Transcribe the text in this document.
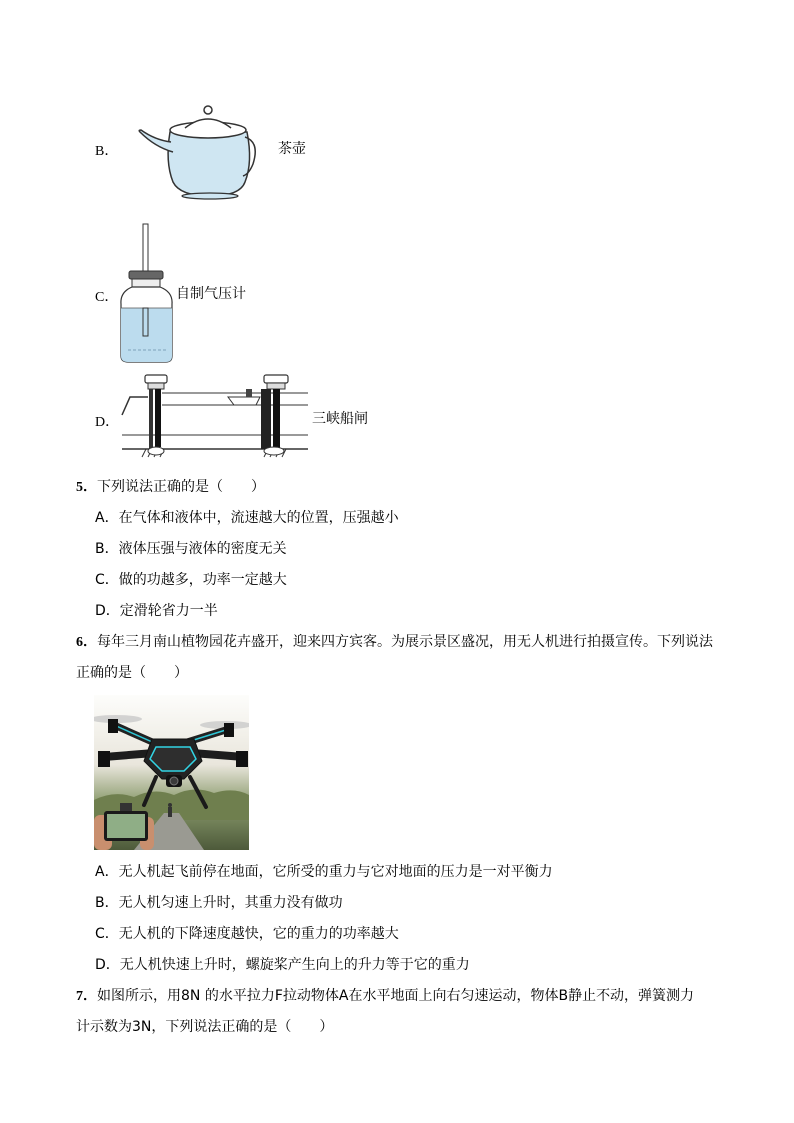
B．	茶壶
C．	自制气压计
D．	三峡船闸
5．下列说法正确的是（　　）
A．在气体和液体中，流速越大的位置，压强越小
B．液体压强与液体的密度无关
C．做的功越多，功率一定越大
D．定滑轮省力一半
6．每年三月南山植物园花卉盛开，迎来四方宾客。为展示景区盛况，用无人机进行拍摄宣传。下列说法
正确的是（　　）
A．无人机起飞前停在地面，它所受的重力与它对地面的压力是一对平衡力
B．无人机匀速上升时，其重力没有做功
C．无人机的下降速度越快，它的重力的功率越大
D．无人机快速上升时，螺旋桨产生向上的升力等于它的重力
7．如图所示，用8N 的水平拉力F拉动物体A在水平地面上向右匀速运动，物体B静止不动，弹簧测力
计示数为3N，下列说法正确的是（　　）
